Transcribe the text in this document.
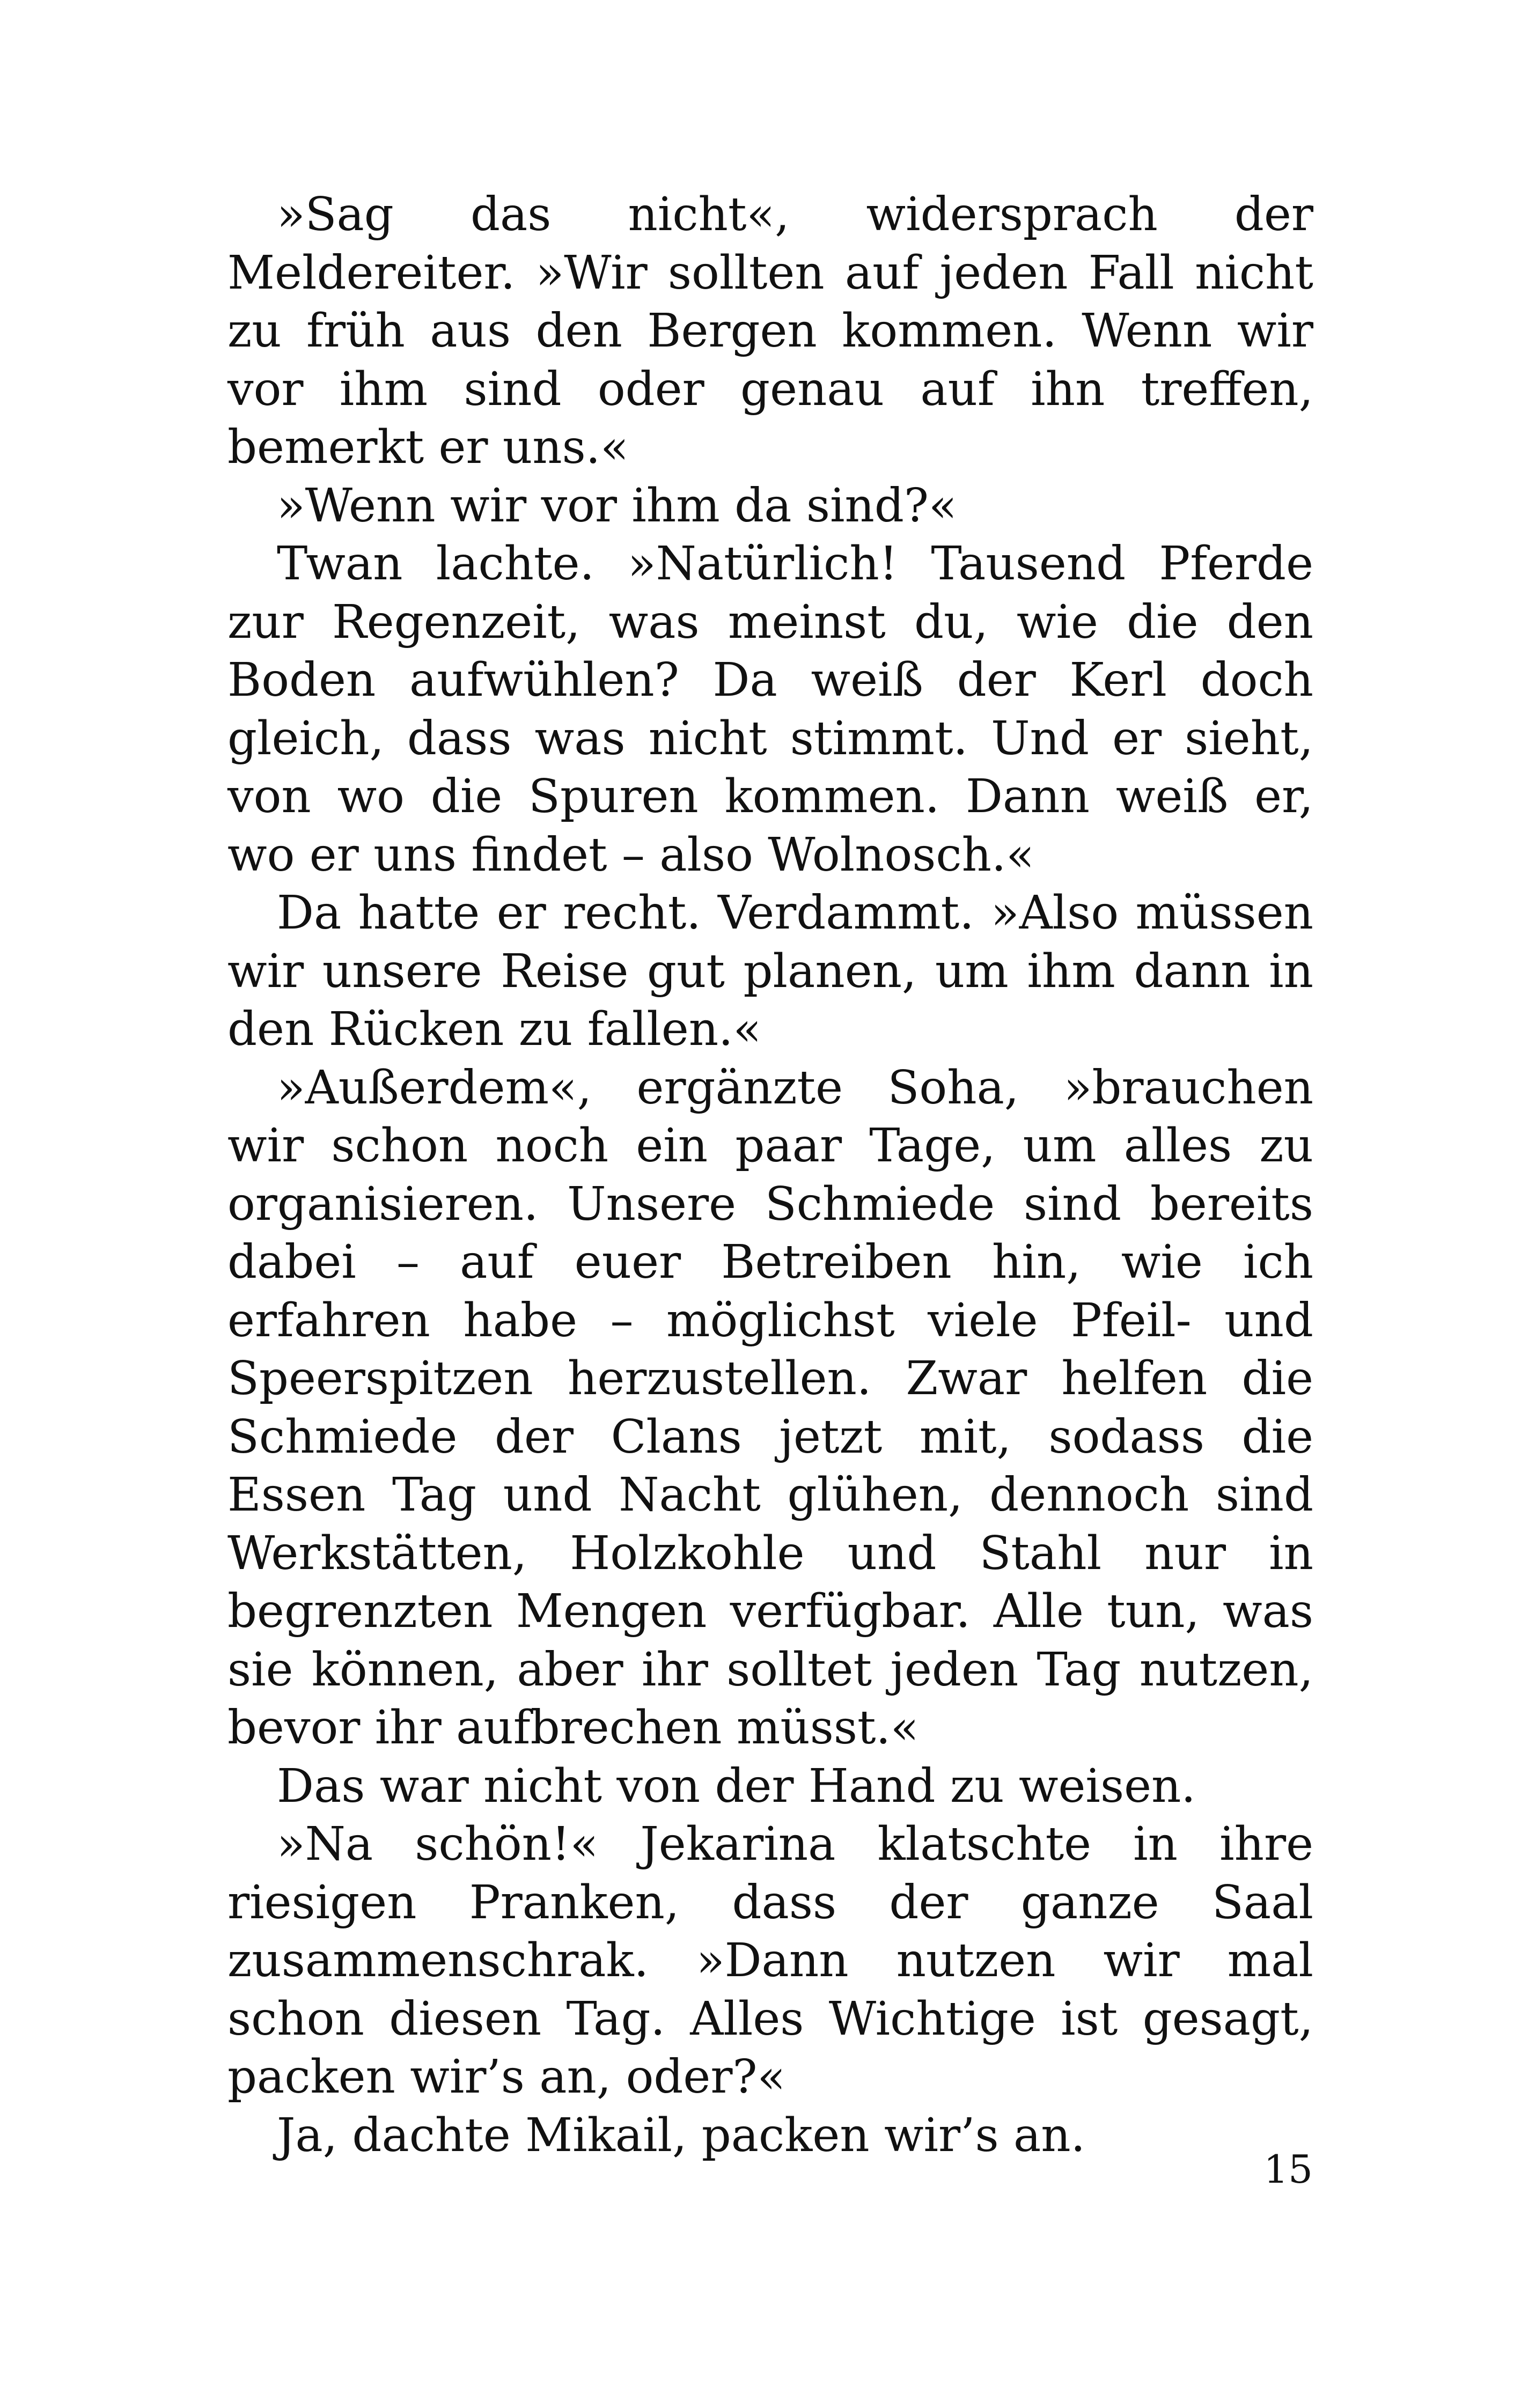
»Sag das nicht«, widersprach der Meldereiter. »Wir sollten auf jeden Fall nicht zu früh aus den Bergen kommen. Wenn wir vor ihm sind oder genau auf ihn treffen, bemerkt er uns.«

»Wenn wir vor ihm da sind?«

Twan lachte. »Natürlich! Tausend Pferde zur Regenzeit, was meinst du, wie die den Boden aufwühlen? Da weiß der Kerl doch gleich, dass was nicht stimmt. Und er sieht, von wo die Spuren kommen. Dann weiß er, wo er uns findet – also Wolnosch.«

Da hatte er recht. Verdammt. »Also müssen wir unsere Reise gut planen, um ihm dann in den Rücken zu fallen.«

»Außerdem«, ergänzte Soha, »brauchen wir schon noch ein paar Tage, um alles zu organisieren. Unsere Schmiede sind bereits dabei – auf euer Betreiben hin, wie ich erfahren habe – möglichst viele Pfeil- und Speerspitzen herzustellen. Zwar helfen die Schmiede der Clans jetzt mit, sodass die Essen Tag und Nacht glühen, dennoch sind Werkstätten, Holzkohle und Stahl nur in begrenzten Mengen verfügbar. Alle tun, was sie können, aber ihr solltet jeden Tag nutzen, bevor ihr aufbrechen müsst.«

Das war nicht von der Hand zu weisen.

»Na schön!« Jekarina klatschte in ihre riesigen Pranken, dass der ganze Saal zusammenschrak. »Dann nutzen wir mal schon diesen Tag. Alles Wichtige ist gesagt, packen wir’s an, oder?«

Ja, dachte Mikail, packen wir’s an.

15
